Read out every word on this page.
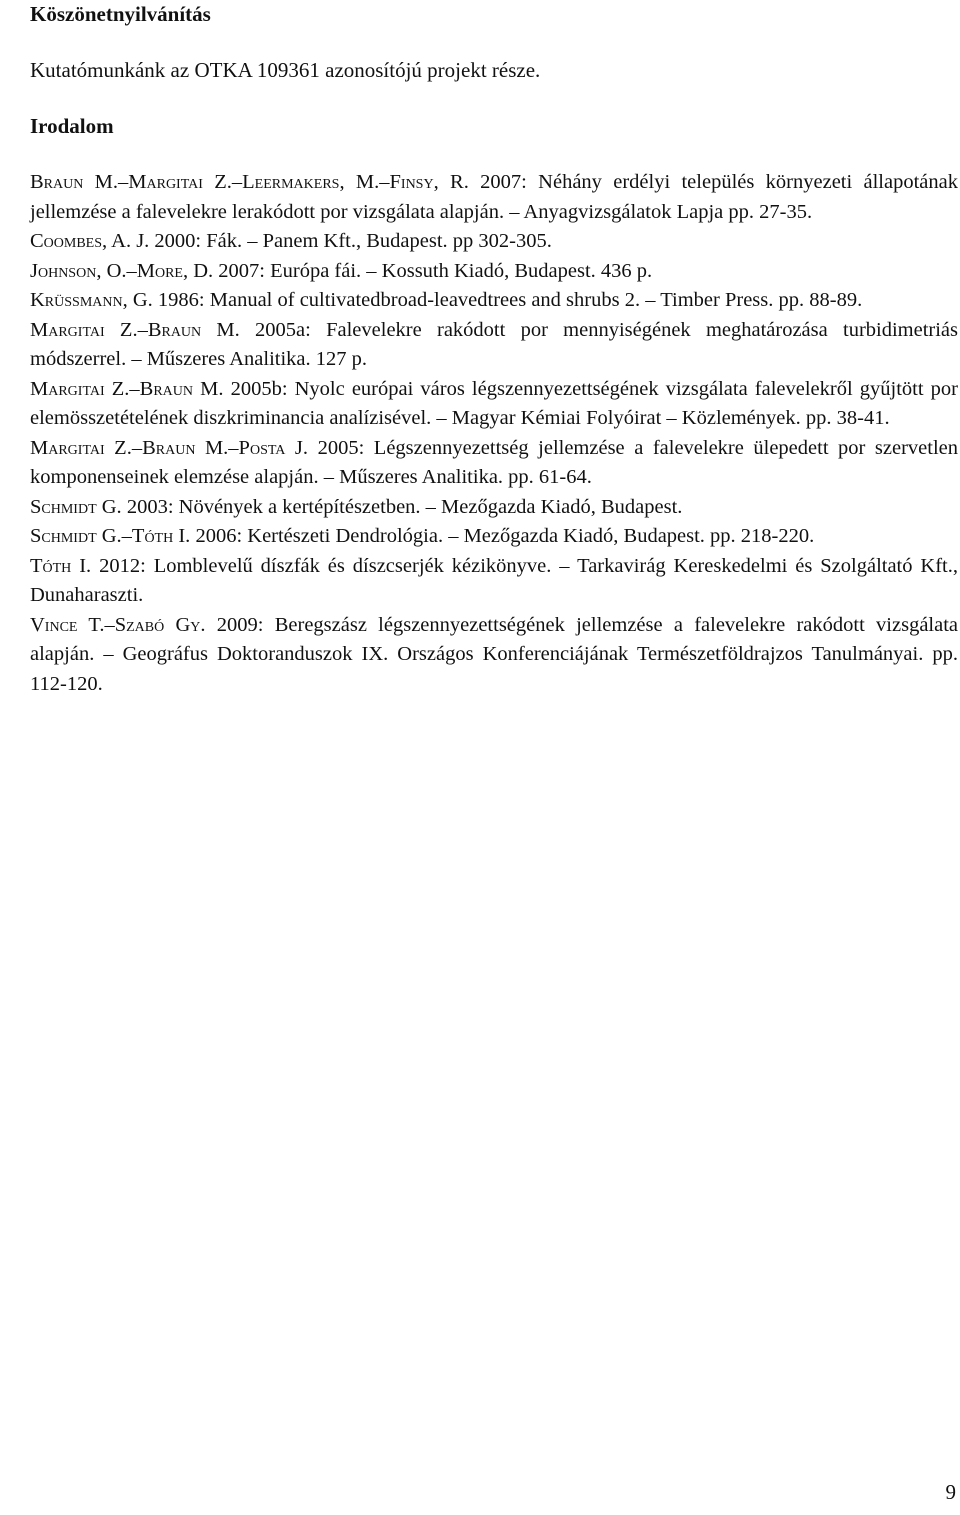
Köszönetnyilvánítás

Kutatómunkánk az OTKA 109361 azonosítójú projekt része.

Irodalom
Braun M.–Margitai Z.–Leermakers, M.–Finsy, R. 2007: Néhány erdélyi település környezeti állapotának jellemzése a falevelekre lerakódott por vizsgálata alapján. – Anyagvizsgálatok Lapja pp. 27-35.
Coombes, A. J. 2000: Fák. – Panem Kft., Budapest. pp 302-305.
Johnson, O.–More, D. 2007: Európa fái. – Kossuth Kiadó, Budapest. 436 p.
Krüssmann, G. 1986: Manual of cultivatedbroad-leavedtrees and shrubs 2. – Timber Press. pp. 88-89.
Margitai Z.–Braun M. 2005a: Falevelekre rakódott por mennyiségének meghatározása turbidimetriás módszerrel. – Műszeres Analitika. 127 p.
Margitai Z.–Braun M. 2005b: Nyolc európai város légszennyezettségének vizsgálata falevelekről gyűjtött por elemösszetételének diszkriminancia analízisével. – Magyar Kémiai Folyóirat – Közlemények. pp. 38-41.
Margitai Z.–Braun M.–Posta J. 2005: Légszennyezettség jellemzése a falevelekre ülepedett por szervetlen komponenseinek elemzése alapján. – Műszeres Analitika. pp. 61-64.
Schmidt G. 2003: Növények a kertépítészetben. – Mezőgazda Kiadó, Budapest.
Schmidt G.–Tóth I. 2006: Kertészeti Dendrológia. – Mezőgazda Kiadó, Budapest. pp. 218-220.
Tóth I. 2012: Lomblevelű díszfák és díszcserjék kézikönyve. – Tarkavirág Kereskedelmi és Szolgáltató Kft., Dunaharaszti.
Vince T.–Szabó Gy. 2009: Beregszász légszennyezettségének jellemzése a falevelekre rakódott vizsgálata alapján. – Geográfus Doktoranduszok IX. Országos Konferenciájának Természetföldrajzos Tanulmányai. pp. 112-120.
9
